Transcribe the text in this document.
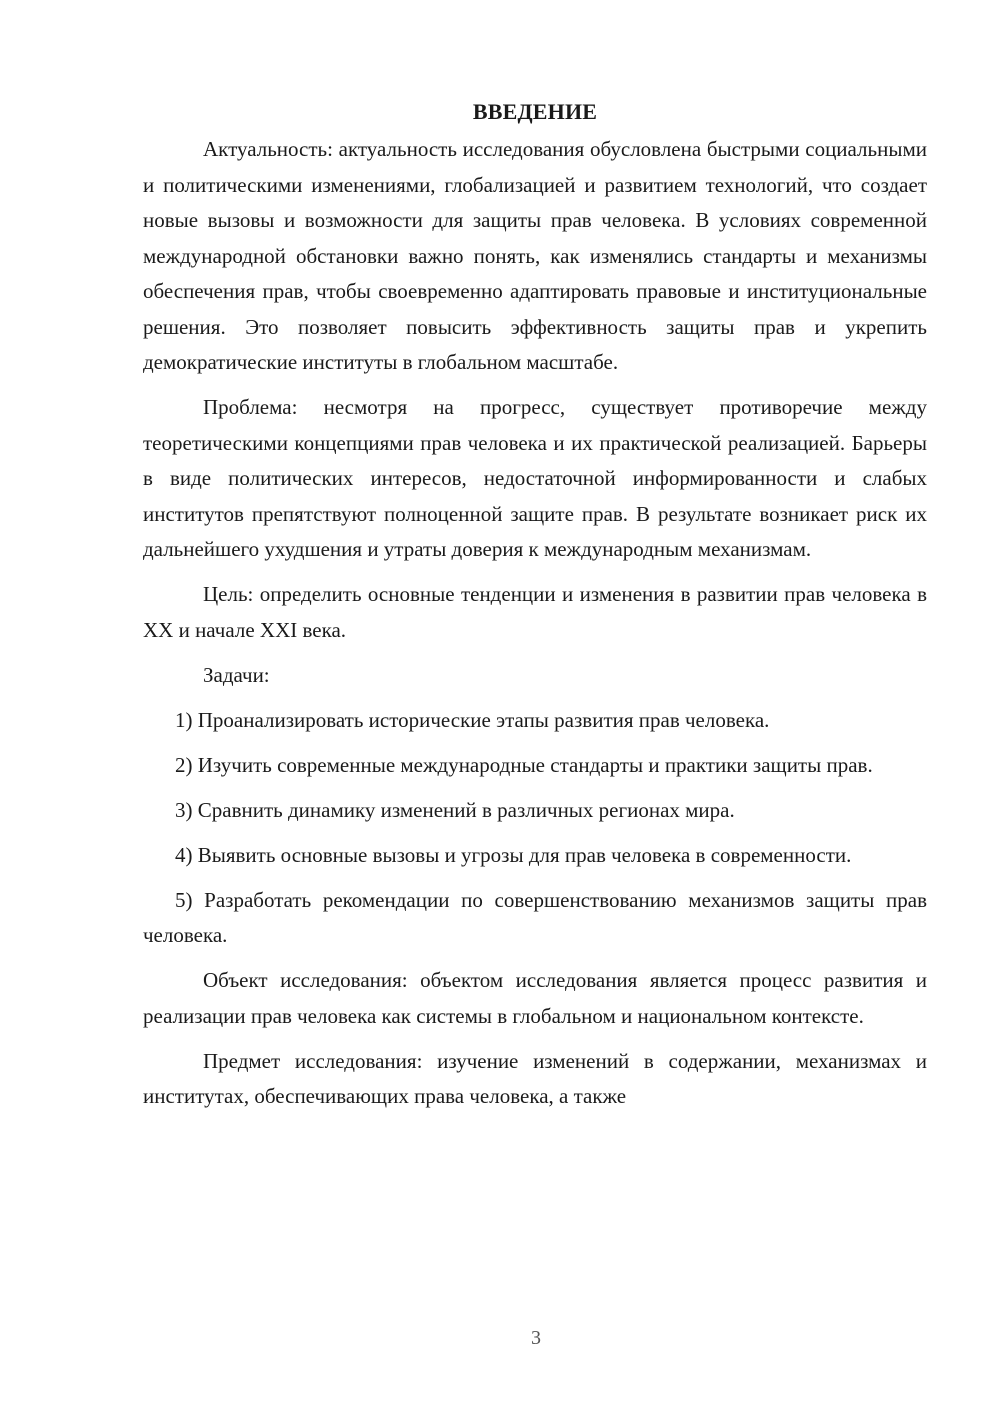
ВВЕДЕНИЕ

Актуальность: актуальность исследования обусловлена быстрыми социальными и политическими изменениями, глобализацией и развитием технологий, что создает новые вызовы и возможности для защиты прав человека. В условиях современной международной обстановки важно понять, как изменялись стандарты и механизмы обеспечения прав, чтобы своевременно адаптировать правовые и институциональные решения. Это позволяет повысить эффективность защиты прав и укрепить демократические институты в глобальном масштабе.

Проблема: несмотря на прогресс, существует противоречие между теоретическими концепциями прав человека и их практической реализацией. Барьеры в виде политических интересов, недостаточной информированности и слабых институтов препятствуют полноценной защите прав. В результате возникает риск их дальнейшего ухудшения и утраты доверия к международным механизмам.

Цель: определить основные тенденции и изменения в развитии прав человека в XX и начале XXI века.

Задачи:

1) Проанализировать исторические этапы развития прав человека.

2) Изучить современные международные стандарты и практики защиты прав.

3) Сравнить динамику изменений в различных регионах мира.

4) Выявить основные вызовы и угрозы для прав человека в современности.

5) Разработать рекомендации по совершенствованию механизмов защиты прав человека.

Объект исследования: объектом исследования является процесс развития и реализации прав человека как системы в глобальном и национальном контексте.

Предмет исследования: изучение изменений в содержании, механизмах и институтах, обеспечивающих права человека, а также

3
